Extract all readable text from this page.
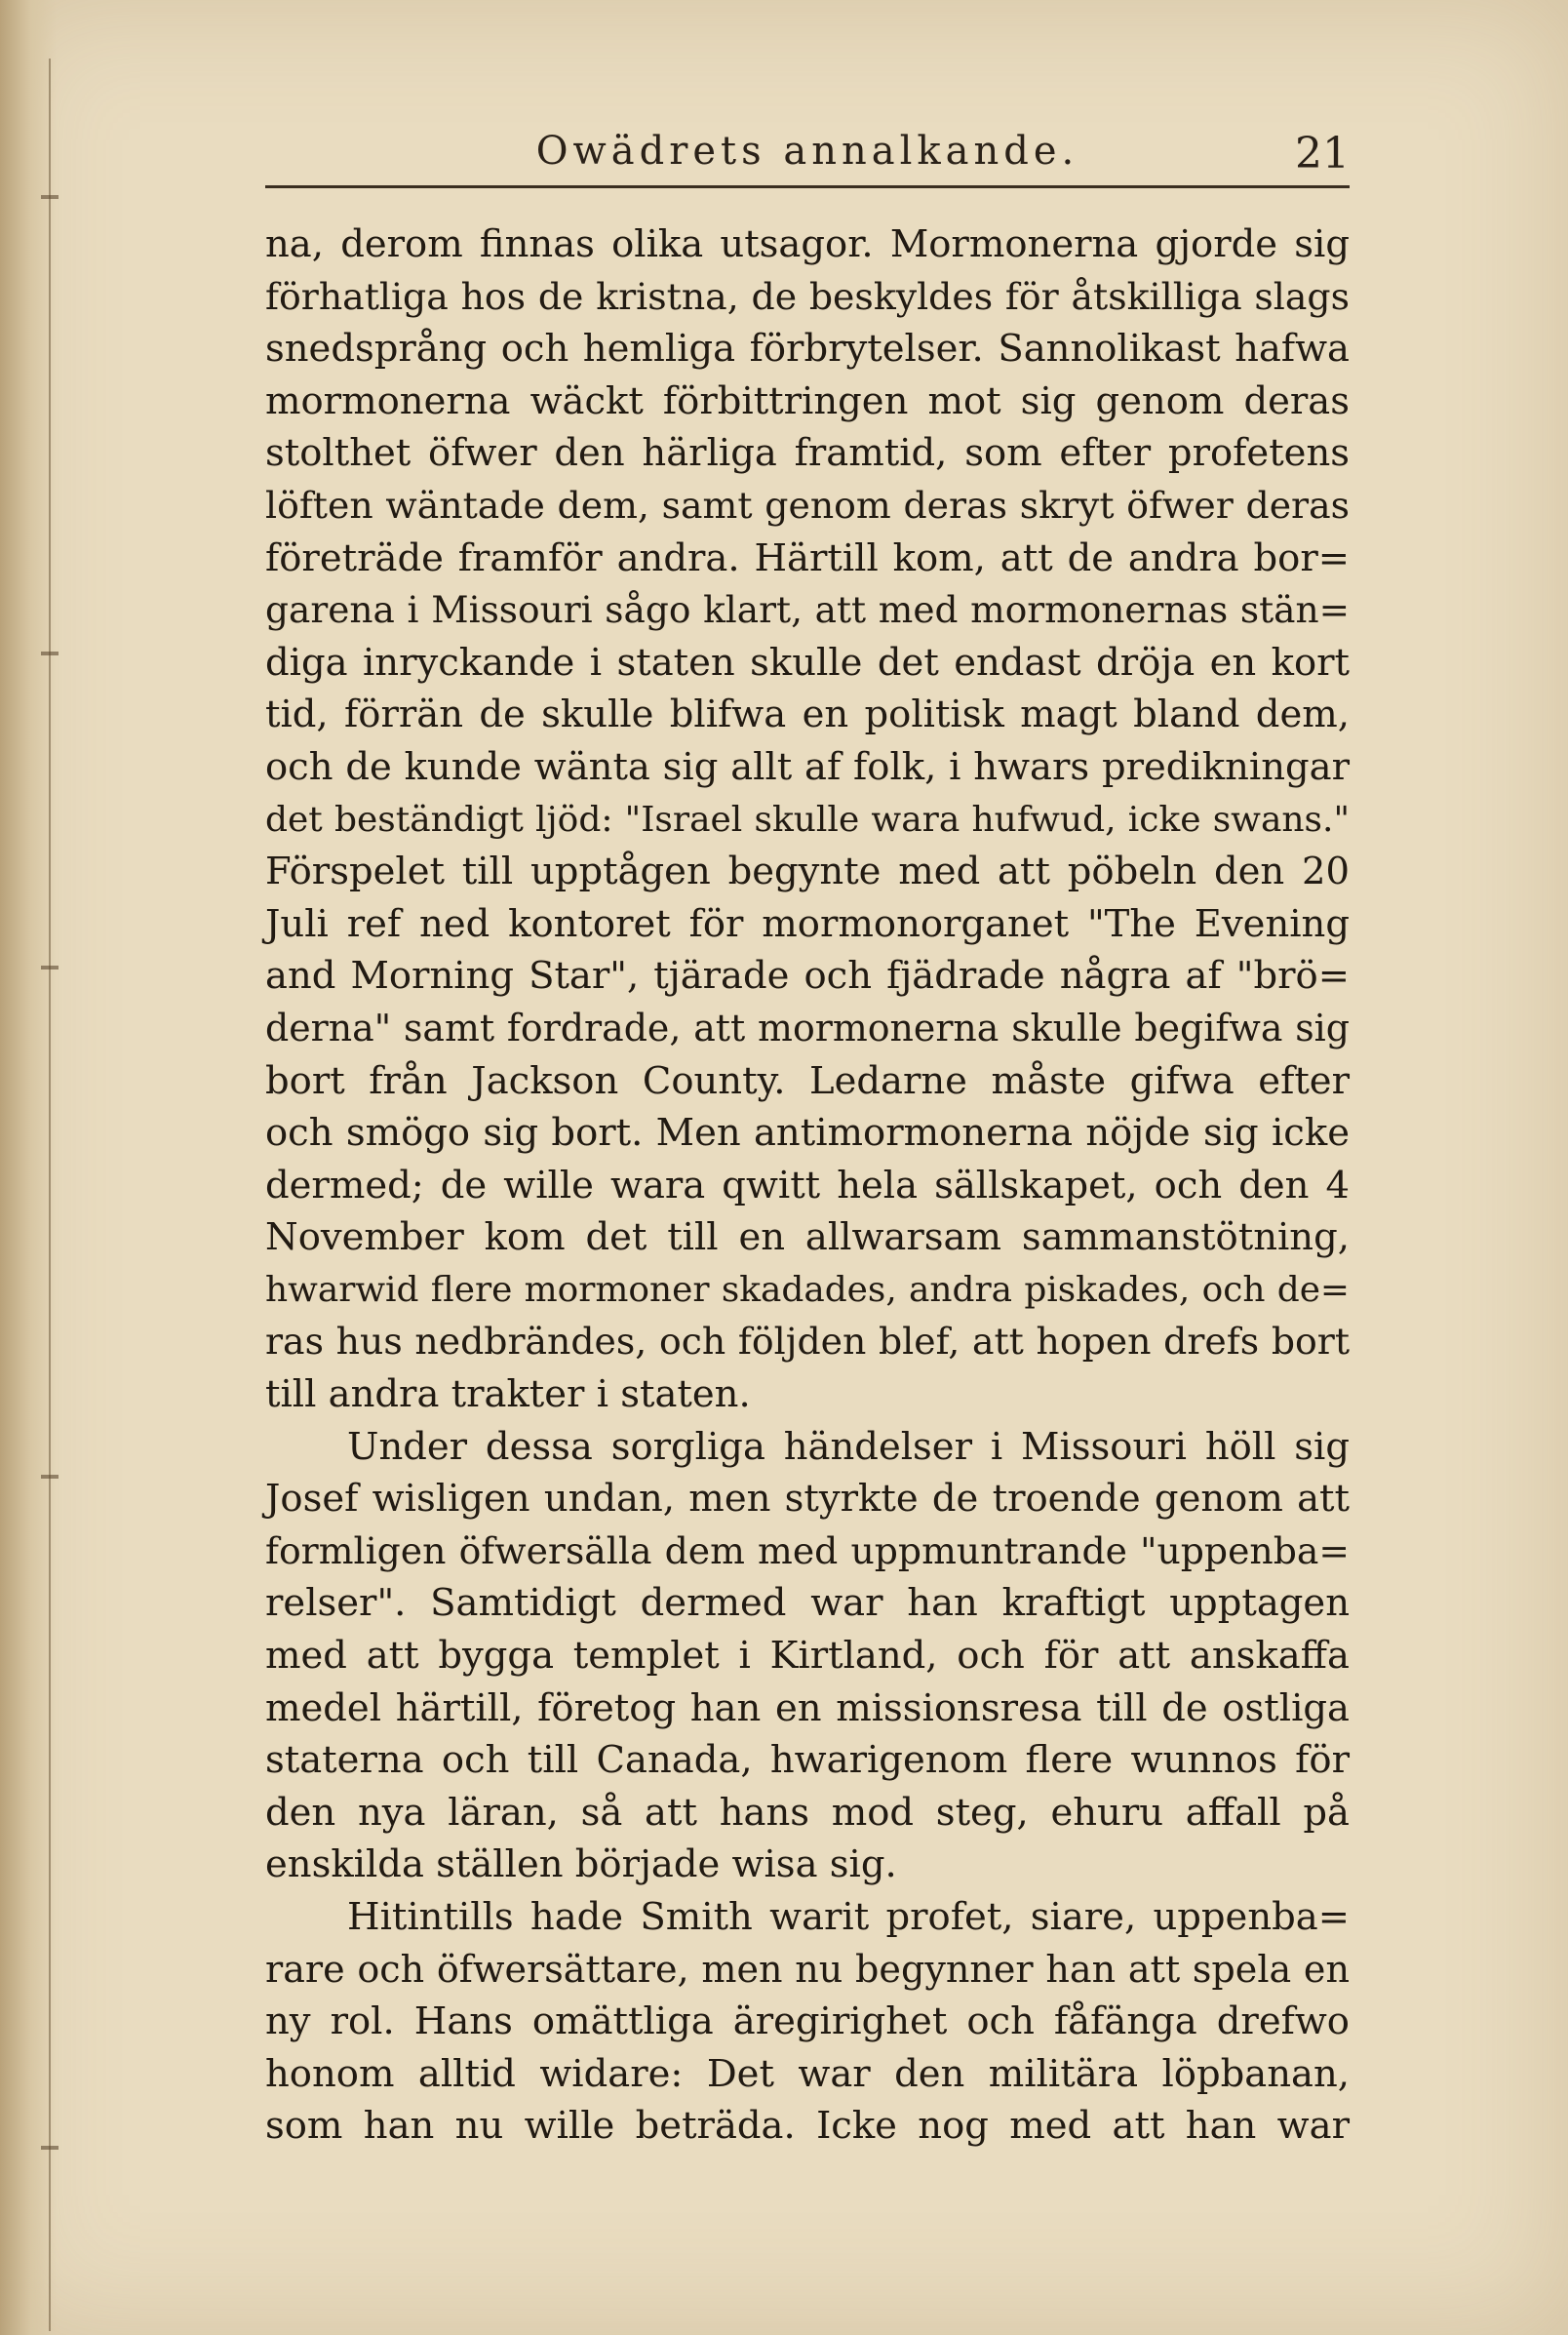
Owädrets annalkande.	21
na, derom finnas olika utsagor. Mormonerna gjorde sig
förhatliga hos de kristna, de beskyldes för åtskilliga slags
snedsprång och hemliga förbrytelser. Sannolikast hafwa
mormonerna wäckt förbittringen mot sig genom deras
stolthet öfwer den härliga framtid, som efter profetens
löften wäntade dem, samt genom deras skryt öfwer deras
företräde framför andra. Härtill kom, att de andra bor=
garena i Missouri sågo klart, att med mormonernas stän=
diga inryckande i staten skulle det endast dröja en kort
tid, förrän de skulle blifwa en politisk magt bland dem,
och de kunde wänta sig allt af folk, i hwars predikningar
det beständigt ljöd: "Israel skulle wara hufwud, icke swans."
Förspelet till upptågen begynte med att pöbeln den 20
Juli ref ned kontoret för mormonorganet "The Evening
and Morning Star", tjärade och fjädrade några af "brö=
derna" samt fordrade, att mormonerna skulle begifwa sig
bort från Jackson County. Ledarne måste gifwa efter
och smögo sig bort. Men antimormonerna nöjde sig icke
dermed; de wille wara qwitt hela sällskapet, och den 4
November kom det till en allwarsam sammanstötning,
hwarwid flere mormoner skadades, andra piskades, och de=
ras hus nedbrändes, och följden blef, att hopen drefs bort
till andra trakter i staten.
Under dessa sorgliga händelser i Missouri höll sig
Josef wisligen undan, men styrkte de troende genom att
formligen öfwersälla dem med uppmuntrande "uppenba=
relser". Samtidigt dermed war han kraftigt upptagen
med att bygga templet i Kirtland, och för att anskaffa
medel härtill, företog han en missionsresa till de ostliga
staterna och till Canada, hwarigenom flere wunnos för
den nya läran, så att hans mod steg, ehuru affall på
enskilda ställen började wisa sig.
Hitintills hade Smith warit profet, siare, uppenba=
rare och öfwersättare, men nu begynner han att spela en
ny rol. Hans omättliga äregirighet och fåfänga drefwo
honom alltid widare: Det war den militära löpbanan,
som han nu wille beträda. Icke nog med att han war
